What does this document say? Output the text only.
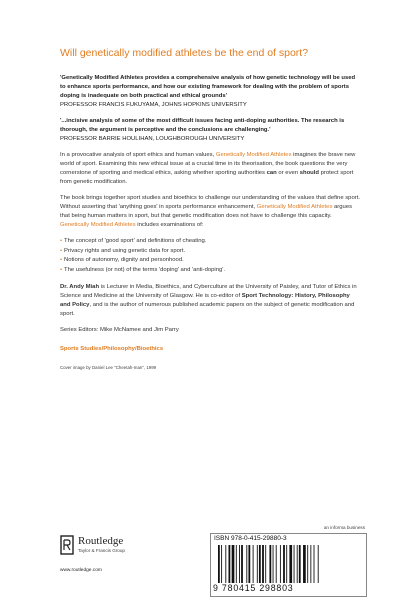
Will genetically modified athletes be the end of sport?

'Genetically Modified Athletes provides a comprehensive analysis of how genetic technology will be used to enhance sports performance, and how our existing framework for dealing with the problem of sports doping is inadequate on both practical and ethical grounds'

PROFESSOR FRANCIS FUKUYAMA, JOHNS HOPKINS UNIVERSITY

'...incisive analysis of some of the most difficult issues facing anti-doping authorities. The research is thorough, the argument is perceptive and the conclusions are challenging.'

PROFESSOR BARRIE HOULIHAN, LOUGHBOROUGH UNIVERSITY

In a provocative analysis of sport ethics and human values, Genetically Modified Athletes imagines the brave new world of sport. Examining this new ethical issue at a crucial time in its theorisation, the book questions the very cornerstone of sporting and medical ethics, asking whether sporting authorities can or even should protect sport from genetic modification.

The book brings together sport studies and bioethics to challenge our understanding of the values that define sport. Without asserting that 'anything goes' in sports performance enhancement, Genetically Modified Athletes argues that being human matters in sport, but that genetic modification does not have to challenge this capacity. Genetically Modified Athletes includes examinations of:

• The concept of 'good sport' and definitions of cheating.
• Privacy rights and using genetic data for sport.
• Notions of autonomy, dignity and personhood.
• The usefulness (or not) of the terms 'doping' and 'anti-doping'.

Dr. Andy Miah is Lecturer in Media, Bioethics, and Cyberculture at the University of Paisley, and Tutor of Ethics in Science and Medicine at the University of Glasgow. He is co-editor of Sport Technology: History, Philosophy and Policy, and is the author of numerous published academic papers on the subject of genetic modification and sport.

Series Editors: Mike McNamee and Jim Parry

Sports Studies/Philosophy/Bioethics

Cover image by Daniel Lee "Cheetah-man", 1999

Routledge
Taylor & Francis Group
www.routledge.com
an informa business
ISBN 978-0-415-29880-3
9 780415 298803
